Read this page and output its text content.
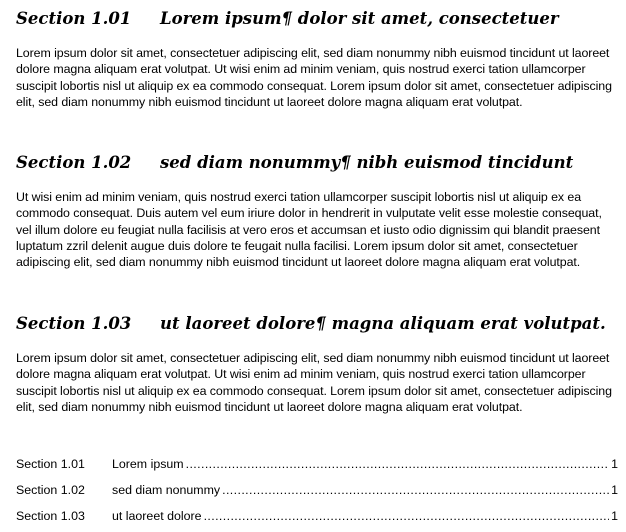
Section 1.01	Lorem ipsum¶ dolor sit amet, consectetuer

Lorem ipsum dolor sit amet, consectetuer adipiscing elit, sed diam nonummy nibh euismod tincidunt ut laoreet dolore magna aliquam erat volutpat. Ut wisi enim ad minim veniam, quis nostrud exerci tation ullamcorper suscipit lobortis nisl ut aliquip ex ea commodo consequat. Lorem ipsum dolor sit amet, consectetuer adipiscing elit, sed diam nonummy nibh euismod tincidunt ut laoreet dolore magna aliquam erat volutpat.

Section 1.02	sed diam nonummy¶ nibh euismod tincidunt

Ut wisi enim ad minim veniam, quis nostrud exerci tation ullamcorper suscipit lobortis nisl ut aliquip ex ea commodo consequat. Duis autem vel eum iriure dolor in hendrerit in vulputate velit esse molestie consequat, vel illum dolore eu feugiat nulla facilisis at vero eros et accumsan et iusto odio dignissim qui blandit praesent luptatum zzril delenit augue duis dolore te feugait nulla facilisi. Lorem ipsum dolor sit amet, consectetuer adipiscing elit, sed diam nonummy nibh euismod tincidunt ut laoreet dolore magna aliquam erat volutpat.

Section 1.03	ut laoreet dolore¶ magna aliquam erat volutpat.

Lorem ipsum dolor sit amet, consectetuer adipiscing elit, sed diam nonummy nibh euismod tincidunt ut laoreet dolore magna aliquam erat volutpat. Ut wisi enim ad minim veniam, quis nostrud exerci tation ullamcorper suscipit lobortis nisl ut aliquip ex ea commodo consequat. Lorem ipsum dolor sit amet, consectetuer adipiscing elit, sed diam nonummy nibh euismod tincidunt ut laoreet dolore magna aliquam erat volutpat.

Section 1.01	Lorem ipsum .....	1
Section 1.02	sed diam nonummy .....	1
Section 1.03	ut laoreet dolore .....	1
